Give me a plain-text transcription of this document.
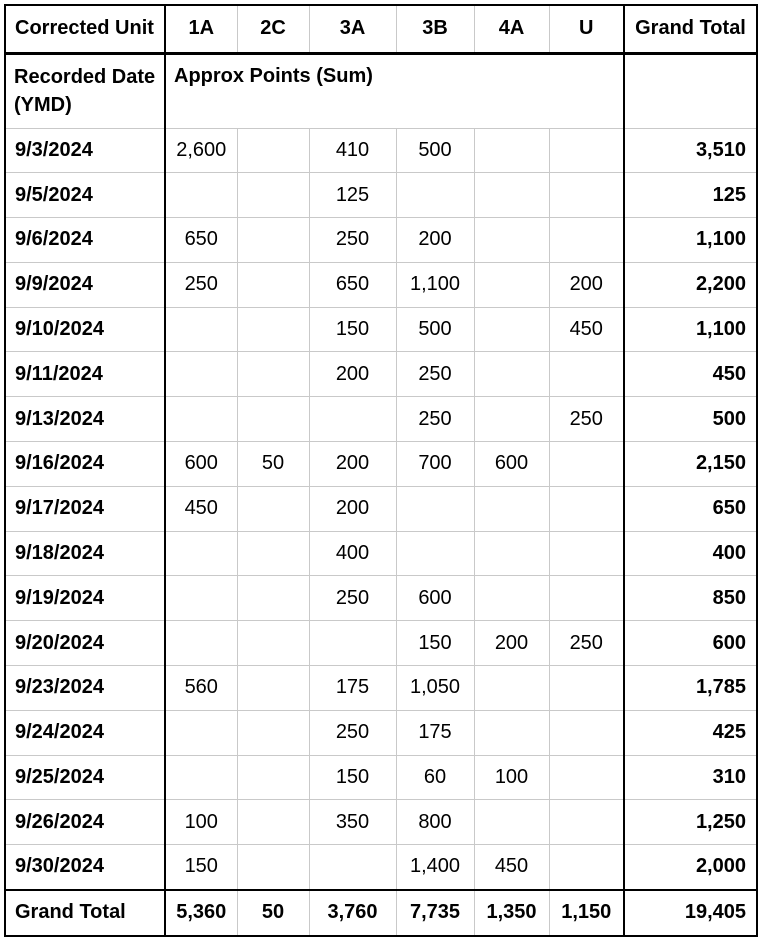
Corrected Unit	1A	2C	3A	3B	4A	U	Grand Total
Recorded Date (YMD)	Approx Points (Sum)						
9/3/2024	2,600		410	500			3,510
9/5/2024			125				125
9/6/2024	650		250	200			1,100
9/9/2024	250		650	1,100		200	2,200
9/10/2024			150	500		450	1,100
9/11/2024			200	250			450
9/13/2024				250		250	500
9/16/2024	600	50	200	700	600		2,150
9/17/2024	450		200				650
9/18/2024			400				400
9/19/2024			250	600			850
9/20/2024				150	200	250	600
9/23/2024	560		175	1,050			1,785
9/24/2024			250	175			425
9/25/2024			150	60	100		310
9/26/2024	100		350	800			1,250
9/30/2024	150			1,400	450		2,000
Grand Total	5,360	50	3,760	7,735	1,350	1,150	19,405
